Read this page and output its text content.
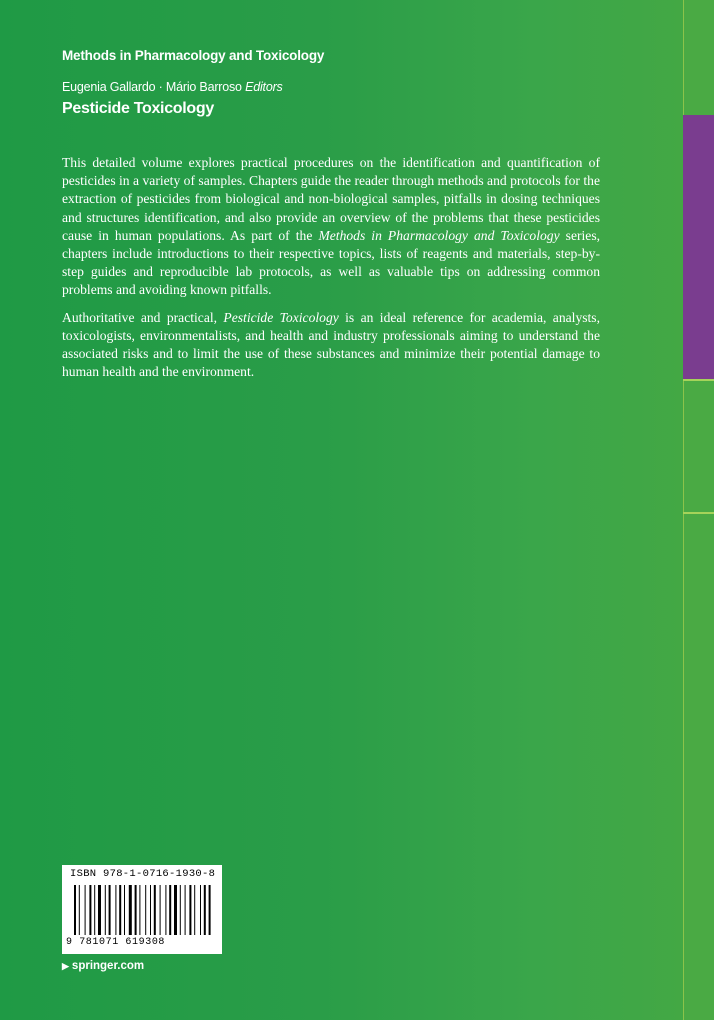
Methods in Pharmacology and Toxicology
Eugenia Gallardo · Mário Barroso Editors
Pesticide Toxicology

This detailed volume explores practical procedures on the identification and quantification of pesticides in a variety of samples. Chapters guide the reader through methods and protocols for the extraction of pesticides from biological and non-biological samples, pitfalls in dosing techniques and structures identification, and also provide an overview of the problems that these pesticides cause in human populations. As part of the Methods in Pharmacology and Toxicology series, chapters include introductions to their respective topics, lists of reagents and materials, step-by-step guides and reproducible lab protocols, as well as valuable tips on addressing common problems and avoiding known pitfalls.

Authoritative and practical, Pesticide Toxicology is an ideal reference for academia, analysts, toxicologists, environmentalists, and health and industry professionals aiming to understand the associated risks and to limit the use of these substances and minimize their potential damage to human health and the environment.

ISBN 978-1-0716-1930-8
9 781071 619308
▶ springer.com
